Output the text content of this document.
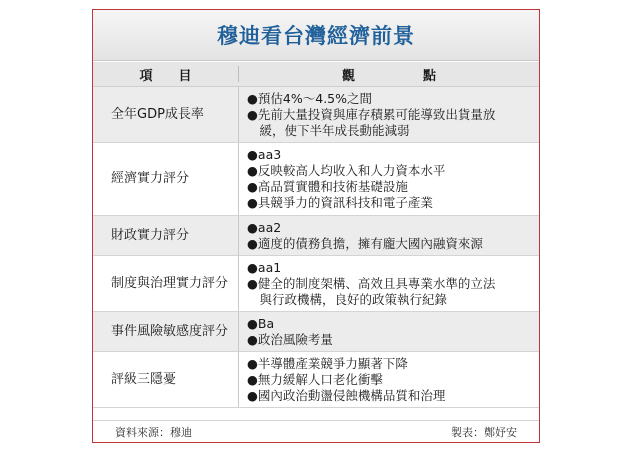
穆迪看台灣經濟前景
項目	觀點
全年GDP成長率
●預估4%～4.5%之間
●先前大量投資與庫存積累可能導致出貨量放
　緩，使下半年成長動能減弱
經濟實力評分
●aa3
●反映較高人均收入和人力資本水平
●高品質實體和技術基礎設施
●具競爭力的資訊科技和電子產業
財政實力評分
●aa2
●適度的債務負擔，擁有龐大國內融資來源
制度與治理實力評分
●aa1
●健全的制度架構、高效且具專業水準的立法
　與行政機構，良好的政策執行紀錄
事件風險敏感度評分
●Ba
●政治風險考量
評級三隱憂
●半導體產業競爭力顯著下降
●無力緩解人口老化衝擊
●國內政治動盪侵蝕機構品質和治理
資料來源：穆迪	製表：鄭妤安
